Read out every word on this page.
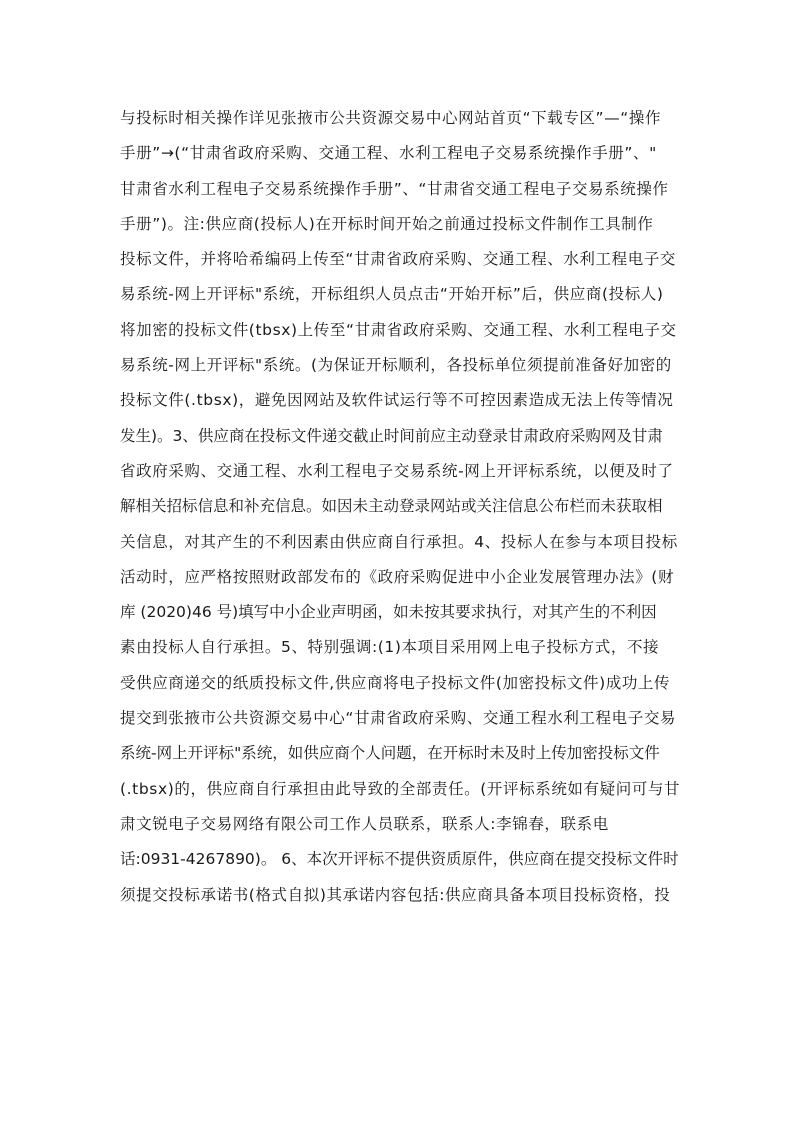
与投标时相关操作详见张掖市公共资源交易中心网站首页“下载专区”—“操作
手册”→(“甘肃省政府采购、交通工程、水利工程电子交易系统操作手册”、"
甘肃省水利工程电子交易系统操作手册”、“甘肃省交通工程电子交易系统操作
手册”)。注:供应商(投标人)在开标时间开始之前通过投标文件制作工具制作
投标文件，并将哈希编码上传至“甘肃省政府采购、交通工程、水利工程电子交
易系统-网上开评标"系统，开标组织人员点击“开始开标”后，供应商(投标人)
将加密的投标文件(tbsx)上传至“甘肃省政府采购、交通工程、水利工程电子交
易系统-网上开评标"系统。(为保证开标顺利，各投标单位须提前准备好加密的
投标文件(.tbsx)，避免因网站及软件试运行等不可控因素造成无法上传等情况
发生)。3、供应商在投标文件递交截止时间前应主动登录甘肃政府采购网及甘肃
省政府采购、交通工程、水利工程电子交易系统-网上开评标系统，以便及时了
解相关招标信息和补充信息。如因未主动登录网站或关注信息公布栏而未获取相
关信息，对其产生的不利因素由供应商自行承担。4、投标人在参与本项目投标
活动时，应严格按照财政部发布的《政府采购促进中小企业发展管理办法》(财
库 (2020)46 号)填写中小企业声明函，如未按其要求执行，对其产生的不利因
素由投标人自行承担。5、特别强调:(1)本项目采用网上电子投标方式，不接
受供应商递交的纸质投标文件,供应商将电子投标文件(加密投标文件)成功上传
提交到张掖市公共资源交易中心“甘肃省政府采购、交通工程水利工程电子交易
系统-网上开评标"系统，如供应商个人问题，在开标时未及时上传加密投标文件
(.tbsx)的，供应商自行承担由此导致的全部责任。(开评标系统如有疑问可与甘
肃文锐电子交易网络有限公司工作人员联系，联系人:李锦春，联系电
话:0931-4267890)。 6、本次开评标不提供资质原件，供应商在提交投标文件时
须提交投标承诺书(格式自拟)其承诺内容包括:供应商具备本项目投标资格，投
